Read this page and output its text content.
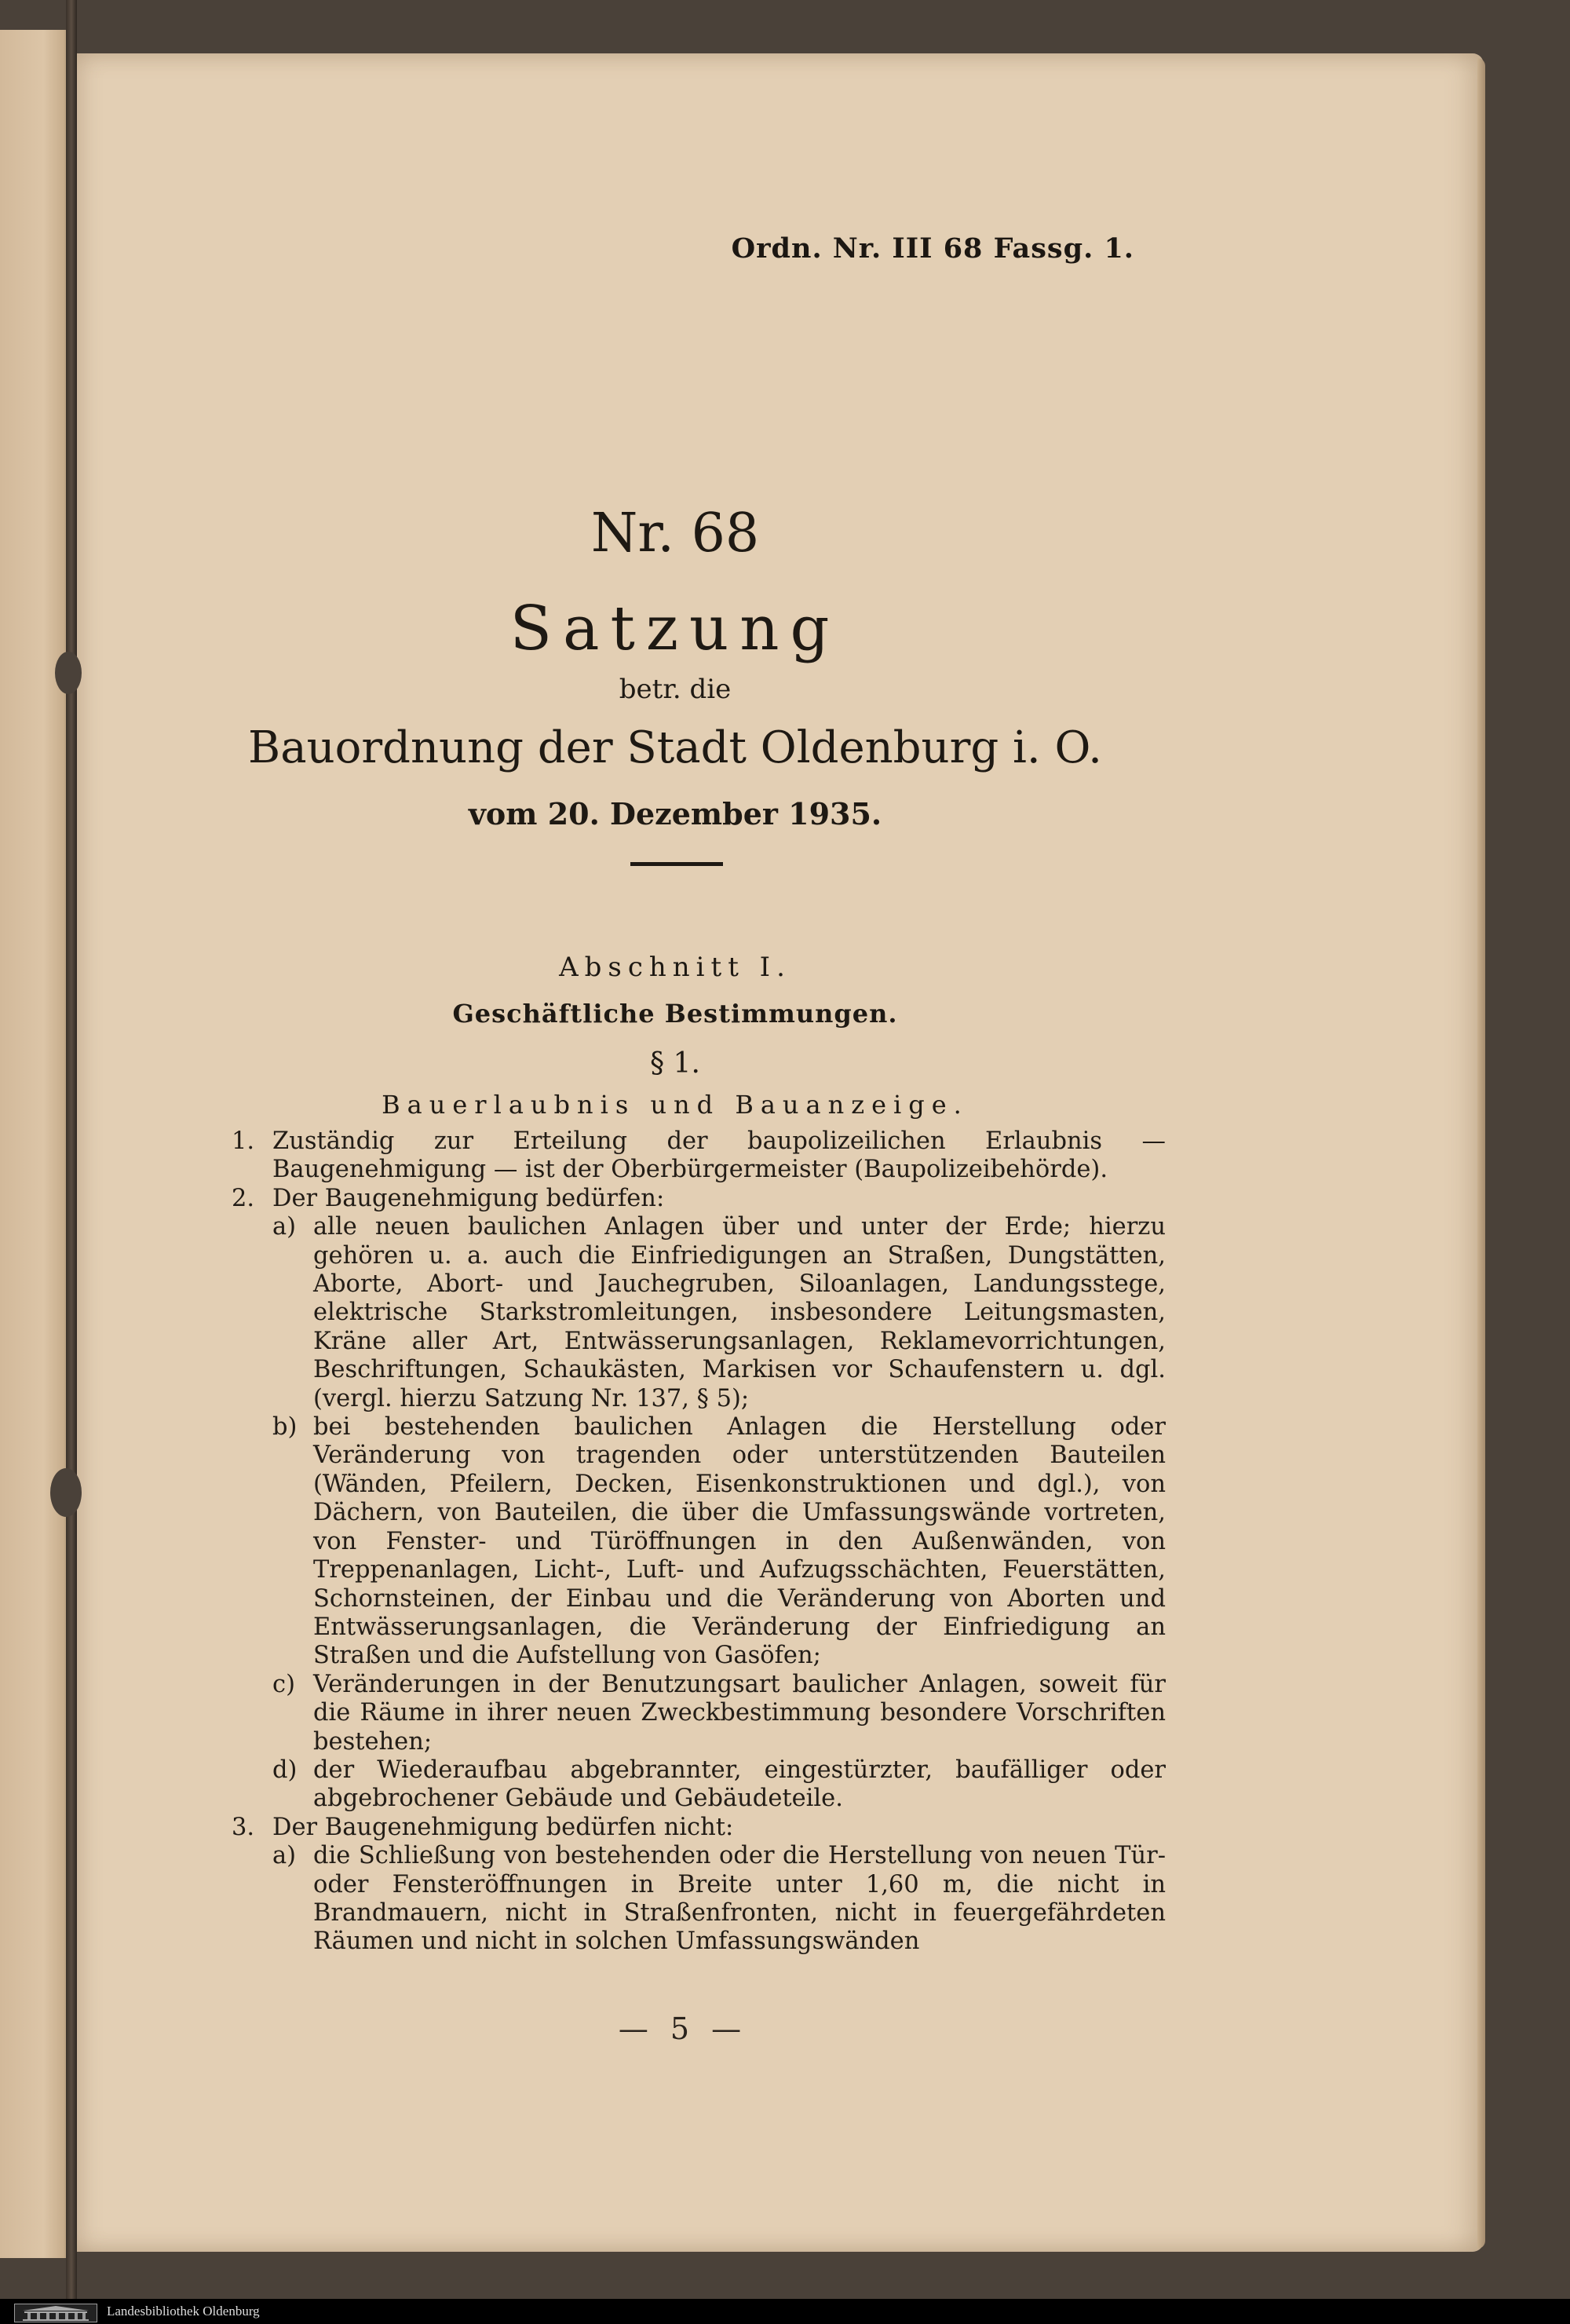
Ordn. Nr. III 68 Fassg. 1.
Nr. 68
Satzung
betr. die
Bauordnung der Stadt Oldenburg i. O.
vom 20. Dezember 1935.
Abschnitt I.
Geschäftliche Bestimmungen.
§ 1.
Bauerlaubnis und Bauanzeige.
1. Zuständig zur Erteilung der baupolizeilichen Erlaubnis — Baugenehmigung — ist der Oberbürgermeister (Baupolizeibehörde).
2. Der Baugenehmigung bedürfen:
a) alle neuen baulichen Anlagen über und unter der Erde; hierzu gehören u. a. auch die Einfriedigungen an Straßen, Dungstätten, Aborte, Abort- und Jauchegruben, Siloanlagen, Landungsstege, elektrische Starkstromleitungen, insbesondere Leitungsmasten, Kräne aller Art, Entwässerungsanlagen, Reklamevorrichtungen, Beschriftungen, Schaukästen, Markisen vor Schaufenstern u. dgl. (vergl. hierzu Satzung Nr. 137, § 5);
b) bei bestehenden baulichen Anlagen die Herstellung oder Veränderung von tragenden oder unterstützenden Bauteilen (Wänden, Pfeilern, Decken, Eisenkonstruktionen und dgl.), von Dächern, von Bauteilen, die über die Umfassungswände vortreten, von Fenster- und Türöffnungen in den Außenwänden, von Treppenanlagen, Licht-, Luft- und Aufzugsschächten, Feuerstätten, Schornsteinen, der Einbau und die Veränderung von Aborten und Entwässerungsanlagen, die Veränderung der Einfriedigung an Straßen und die Aufstellung von Gasöfen;
c) Veränderungen in der Benutzungsart baulicher Anlagen, soweit für die Räume in ihrer neuen Zweckbestimmung besondere Vorschriften bestehen;
d) der Wiederaufbau abgebrannter, eingestürzter, baufälliger oder abgebrochener Gebäude und Gebäudeteile.
3. Der Baugenehmigung bedürfen nicht:
a) die Schließung von bestehenden oder die Herstellung von neuen Tür- oder Fensteröffnungen in Breite unter 1,60 m, die nicht in Brandmauern, nicht in Straßenfronten, nicht in feuergefährdeten Räumen und nicht in solchen Umfassungswänden
— 5 —
Landesbibliothek Oldenburg
